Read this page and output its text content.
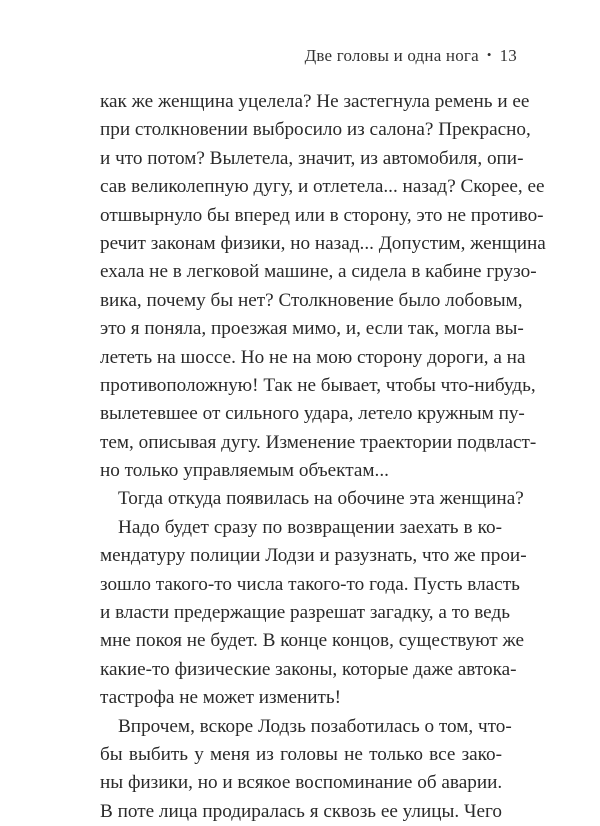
Две головы и одна нога • 13
как же женщина уцелела? Не застегнула ремень и ее
при столкновении выбросило из салона? Прекрасно,
и что потом? Вылетела, значит, из автомобиля, опи-
сав великолепную дугу, и отлетела... назад? Скорее, ее
отшвырнуло бы вперед или в сторону, это не противо-
речит законам физики, но назад... Допустим, женщина
ехала не в легковой машине, а сидела в кабине грузо-
вика, почему бы нет? Столкновение было лобовым,
это я поняла, проезжая мимо, и, если так, могла вы-
лететь на шоссе. Но не на мою сторону дороги, а на
противоположную! Так не бывает, чтобы что-нибудь,
вылетевшее от сильного удара, летело кружным пу-
тем, описывая дугу. Изменение траектории подвласт-
но только управляемым объектам...
Тогда откуда появилась на обочине эта женщина?
Надо будет сразу по возвращении заехать в ко-
мендатуру полиции Лодзи и разузнать, что же прои-
зошло такого-то числа такого-то года. Пусть власть
и власти предержащие разрешат загадку, а то ведь
мне покоя не будет. В конце концов, существуют же
какие-то физические законы, которые даже автока-
тастрофа не может изменить!
Впрочем, вскоре Лодзь позаботилась о том, что-
бы выбить у меня из головы не только все зако-
ны физики, но и всякое воспоминание об аварии.
В поте лица продиралась я сквозь ее улицы. Чего
